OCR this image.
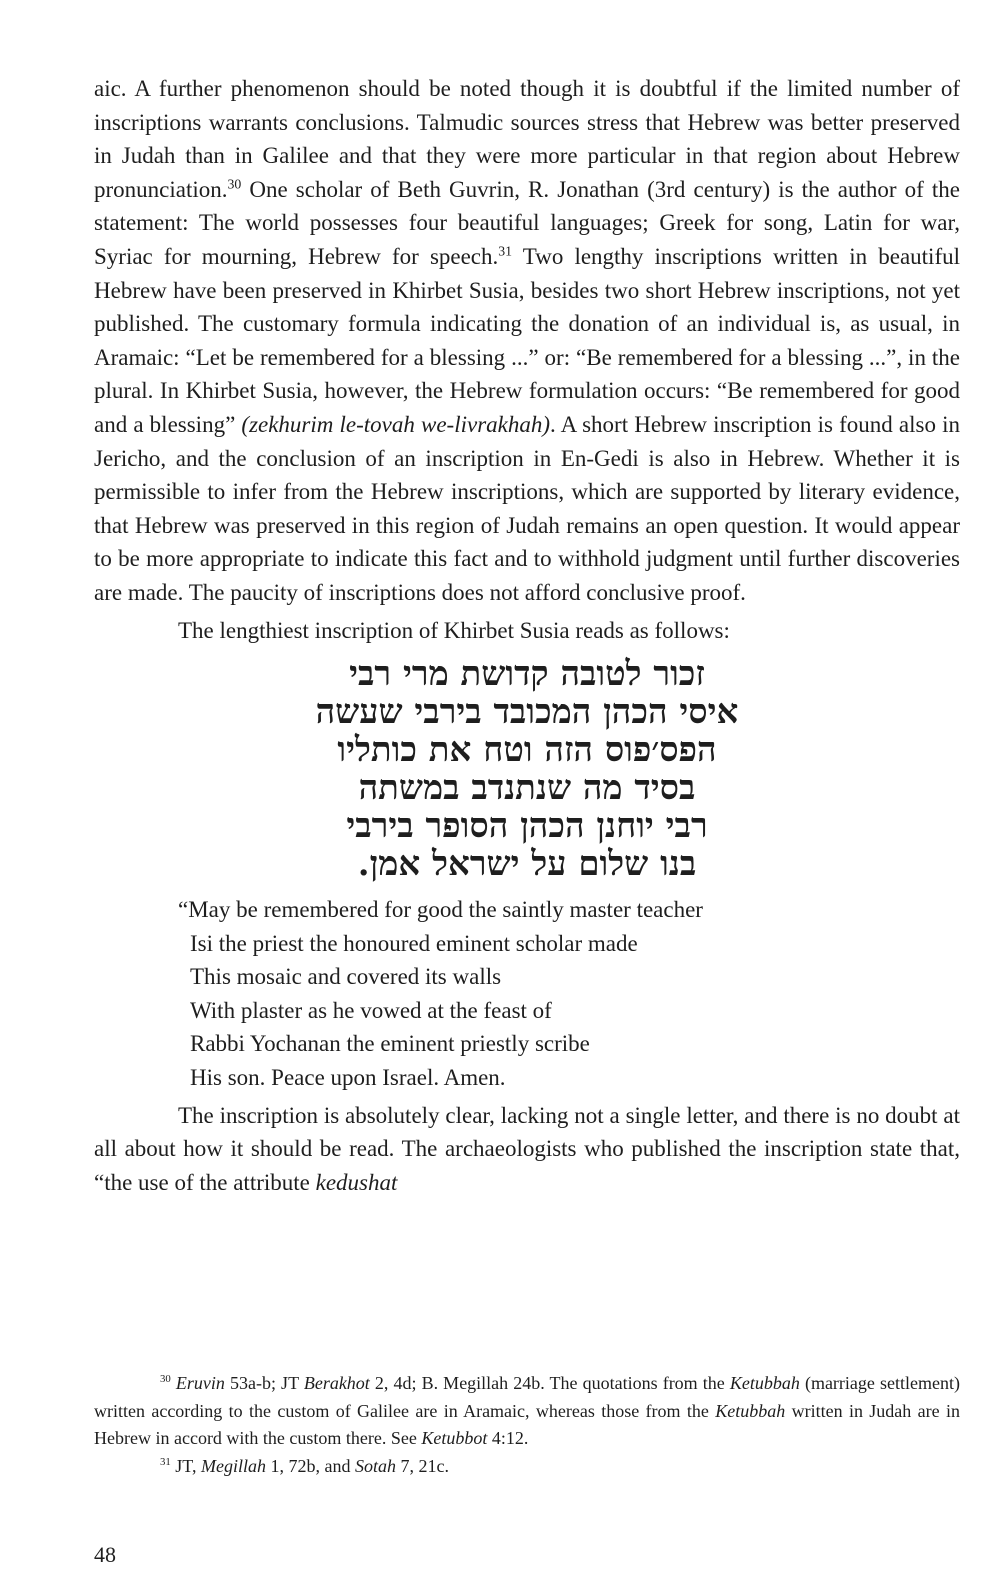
aic. A further phenomenon should be noted though it is doubtful if the limited number of inscriptions warrants conclusions. Talmudic sources stress that Hebrew was better preserved in Judah than in Galilee and that they were more particular in that region about Hebrew pronunciation.$^{30}$ One scholar of Beth Guvrin, R. Jonathan (3rd century) is the author of the statement: The world possesses four beautiful languages; Greek for song, Latin for war, Syriac for mourning, Hebrew for speech.$^{31}$ Two lengthy inscriptions written in beautiful Hebrew have been preserved in Khirbet Susia, besides two short Hebrew inscriptions, not yet published. The customary formula indicating the donation of an individual is, as usual, in Aramaic: “Let be remembered for a blessing ...” or: “Be remembered for a blessing ...”, in the plural. In Khirbet Susia, however, the Hebrew formulation occurs: “Be remembered for good and a blessing” (zekhurim le-tovah we-livrakhah). A short Hebrew inscription is found also in Jericho, and the conclusion of an inscription in En-Gedi is also in Hebrew. Whether it is permissible to infer from the Hebrew inscriptions, which are supported by literary evidence, that Hebrew was preserved in this region of Judah remains an open question. It would appear to be more appropriate to indicate this fact and to withhold judgment until further discoveries are made. The paucity of inscriptions does not afford conclusive proof.

The lengthiest inscription of Khirbet Susia reads as follows:

זכור לטובה קדושת מרי רבי
איסי הכהן המכובד בירבי שעשה
הפס׳פוס הזה וטח את כותליו
בסיד מה שנתנדב במשתה
רבי יוחנן הכהן הסופר בירבי
בנו שלום על ישראל אמן.
“May be remembered for good the saintly master teacher
Isi the priest the honoured eminent scholar made
This mosaic and covered its walls
With plaster as he vowed at the feast of
Rabbi Yochanan the eminent priestly scribe
His son. Peace upon Israel. Amen.

The inscription is absolutely clear, lacking not a single letter, and there is no doubt at all about how it should be read. The archaeologists who published the inscription state that, “the use of the attribute kedushat

$^{30}$ Eruvin 53a-b; JT Berakhot 2, 4d; B. Megillah 24b. The quotations from the Ketubbah (marriage settlement) written according to the custom of Galilee are in Aramaic, whereas those from the Ketubbah written in Judah are in Hebrew in accord with the custom there. See Ketubbot 4:12.

$^{31}$ JT, Megillah 1, 72b, and Sotah 7, 21c.

48
